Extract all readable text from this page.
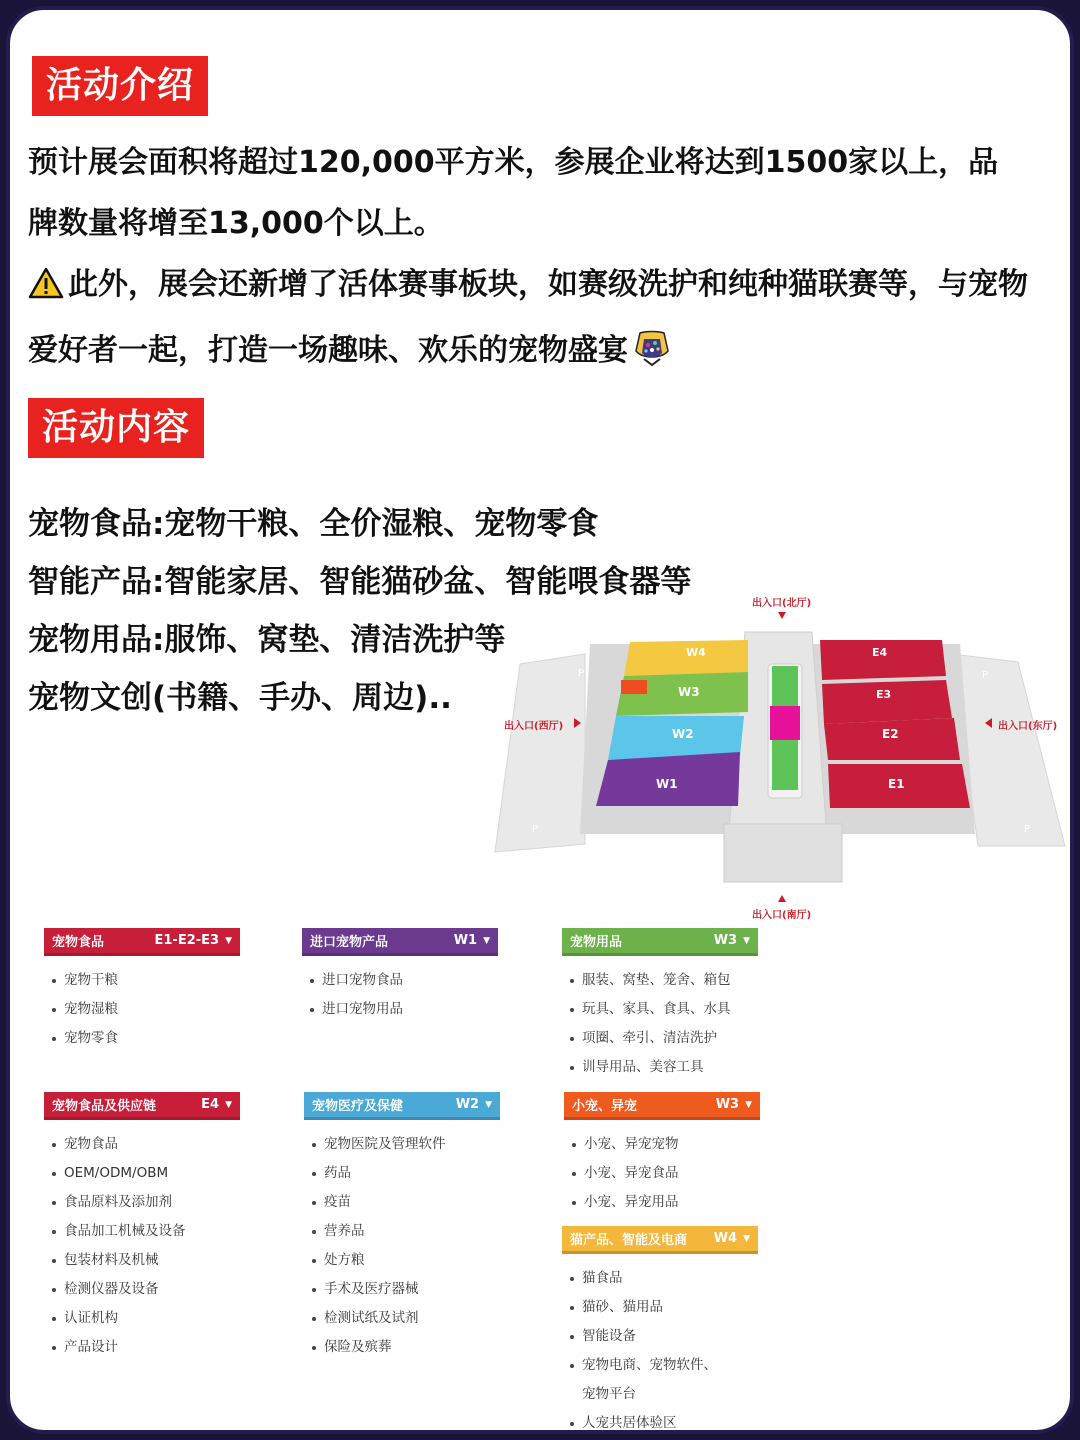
活动介绍

预计展会面积将超过120,000平方米，参展企业将达到1500家以上，品牌数量将增至13,000个以上。

此外，展会还新增了活体赛事板块，如赛级洗护和纯种猫联赛等，与宠物爱好者一起，打造一场趣味、欢乐的宠物盛宴

活动内容
宠物食品:宠物干粮、全价湿粮、宠物零食
智能产品:智能家居、智能猫砂盆、智能喂食器等
宠物用品:服饰、窝垫、清洁洗护等
宠物文创(书籍、手办、周边)..
W4
W3
W2
W1
E4
E3
E2
E1
P
P
P
P
出入口(北厅)
出入口(南厅)
出入口(西厅)	出入口(东厅)
宠物食品	E1-E2-E3 ▼
宠物干粮
宠物湿粮
宠物零食
进口宠物产品	W1 ▼
进口宠物食品
进口宠物用品
宠物用品	W3 ▼
服装、窝垫、笼舍、箱包
玩具、家具、食具、水具
项圈、牵引、清洁洗护
训导用品、美容工具
宠物食品及供应链	E4 ▼
宠物食品
OEM/ODM/OBM
食品原料及添加剂
食品加工机械及设备
包装材料及机械
检测仪器及设备
认证机构
产品设计
宠物医疗及保健	W2 ▼
宠物医院及管理软件
药品
疫苗
营养品
处方粮
手术及医疗器械
检测试纸及试剂
保险及殡葬
小宠、异宠	W3 ▼
小宠、异宠宠物
小宠、异宠食品
小宠、异宠用品
猫产品、智能及电商 W4 ▼
猫食品
猫砂、猫用品
智能设备
宠物电商、宠物软件、
宠物平台
人宠共居体验区
